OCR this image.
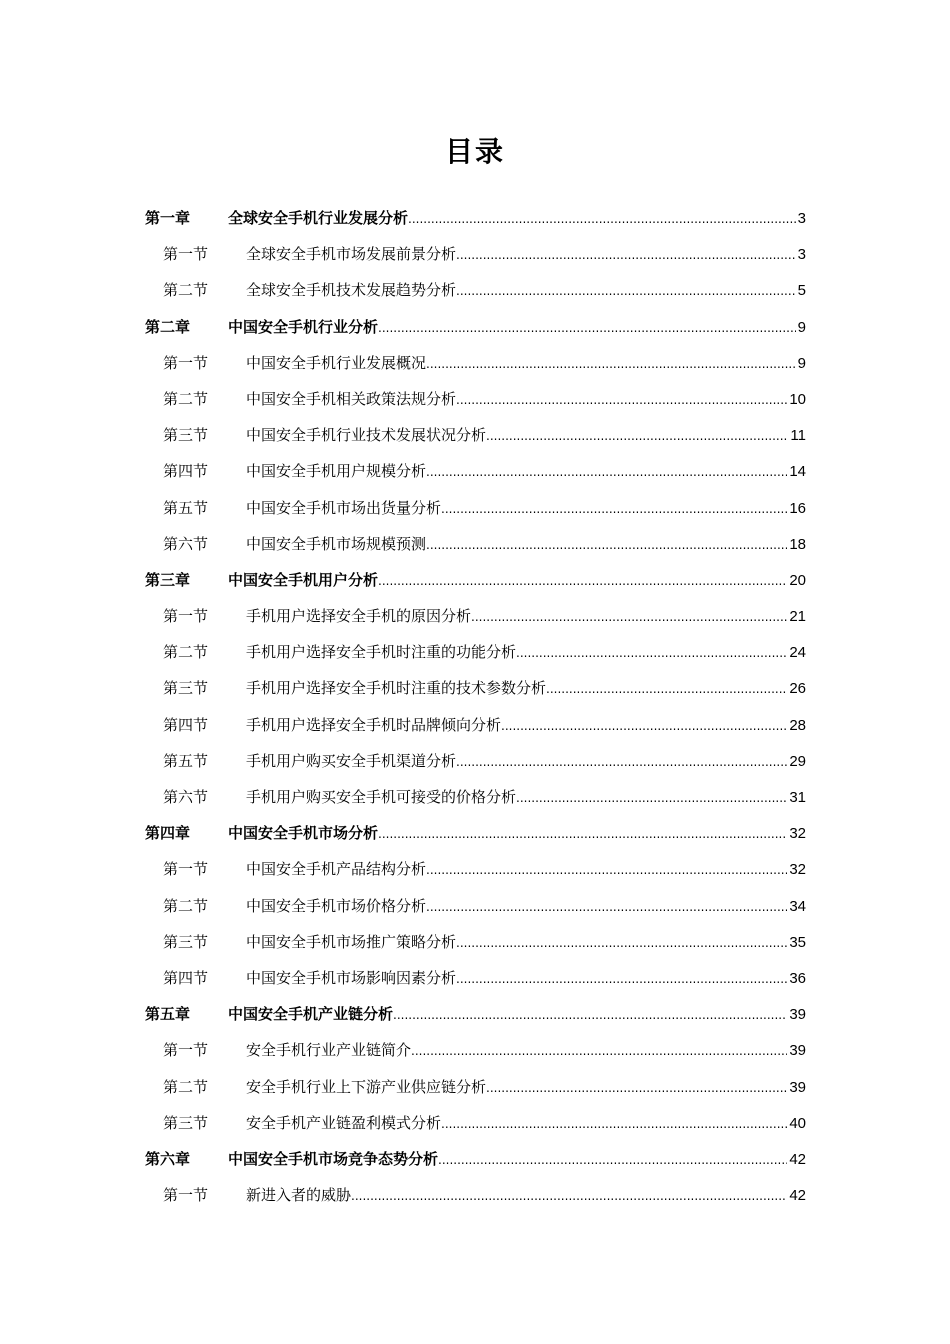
目录
第一章	全球安全手机行业发展分析 .....	3
第一节	全球安全手机市场发展前景分析 .....	3
第二节	全球安全手机技术发展趋势分析 .....	5
第二章	中国安全手机行业分析 .....	9
第一节	中国安全手机行业发展概况 .....	9
第二节	中国安全手机相关政策法规分析 .....	10
第三节	中国安全手机行业技术发展状况分析 .....	11
第四节	中国安全手机用户规模分析 .....	14
第五节	中国安全手机市场出货量分析 .....	16
第六节	中国安全手机市场规模预测 .....	18
第三章	中国安全手机用户分析 .....	20
第一节	手机用户选择安全手机的原因分析 .....	21
第二节	手机用户选择安全手机时注重的功能分析 .....	24
第三节	手机用户选择安全手机时注重的技术参数分析 .....	26
第四节	手机用户选择安全手机时品牌倾向分析 .....	28
第五节	手机用户购买安全手机渠道分析 .....	29
第六节	手机用户购买安全手机可接受的价格分析 .....	31
第四章	中国安全手机市场分析 .....	32
第一节	中国安全手机产品结构分析 .....	32
第二节	中国安全手机市场价格分析 .....	34
第三节	中国安全手机市场推广策略分析 .....	35
第四节	中国安全手机市场影响因素分析 .....	36
第五章	中国安全手机产业链分析 .....	39
第一节	安全手机行业产业链简介 .....	39
第二节	安全手机行业上下游产业供应链分析 .....	39
第三节	安全手机产业链盈利模式分析 .....	40
第六章	中国安全手机市场竞争态势分析 .....	42
第一节	新进入者的威胁 .....	42
